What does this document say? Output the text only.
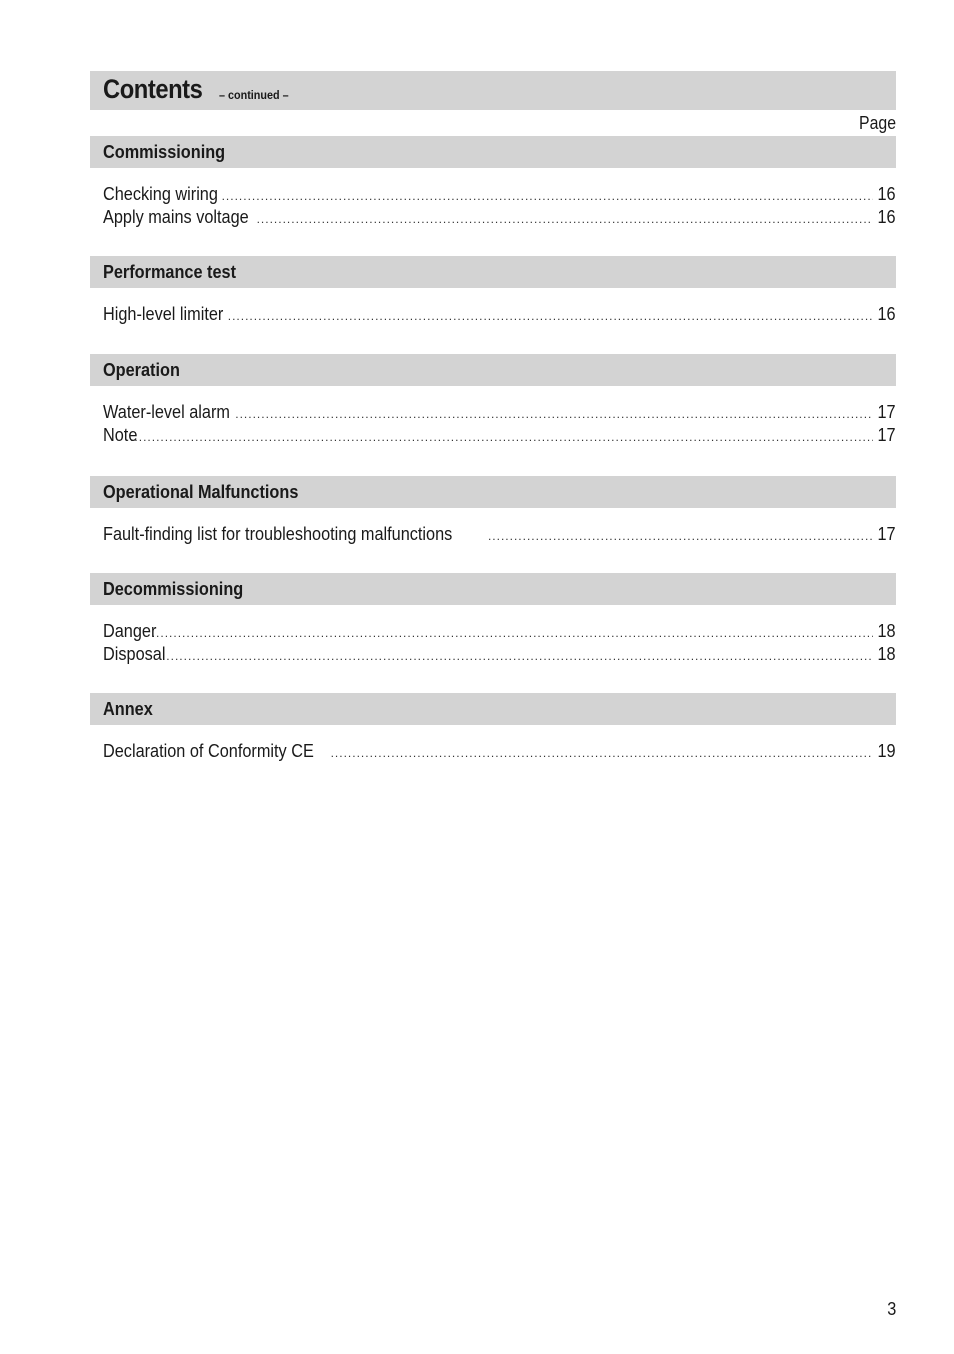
Contents – continued –
Page
Commissioning
Checking wiring .....	16
Apply mains voltage .....	16
Performance test
High-level limiter .....	16
Operation
Water-level alarm .....	17
Note .....	17
Operational Malfunctions
Fault-finding list for troubleshooting malfunctions .....	17
Decommissioning
Danger .....	18
Disposal .....	18
Annex
Declaration of Conformity CE .....	19
3
